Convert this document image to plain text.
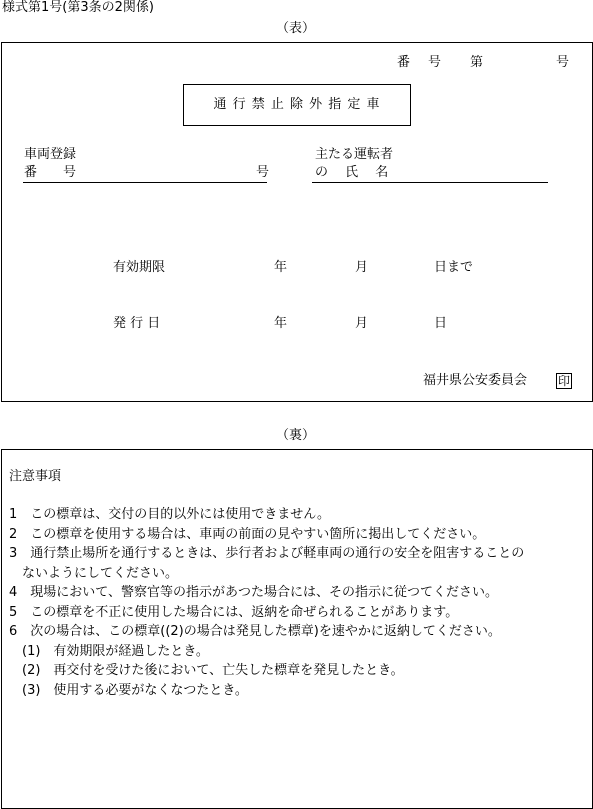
様式第1号(第3条の2関係)
（表）
番 号 第	号
通 行 禁 止 除 外 指 定 車
車両登録
番　　号	号
主たる運転者
の　 氏　 名
有効期限	年	月	日まで
発 行 日	年	月	日
福井県公安委員会	印
（裏）
注意事項
1　この標章は、交付の目的以外には使用できません。
2　この標章を使用する場合は、車両の前面の見やすい箇所に掲出してください。
3　通行禁止場所を通行するときは、歩行者および軽車両の通行の安全を阻害することの
　ないようにしてください。
4　現場において、警察官等の指示があつた場合には、その指示に従つてください。
5　この標章を不正に使用した場合には、返納を命ぜられることがあります。
6　次の場合は、この標章((2)の場合は発見した標章)を速やかに返納してください。
　(1)　有効期限が経過したとき。
　(2)　再交付を受けた後において、亡失した標章を発見したとき。
　(3)　使用する必要がなくなつたとき。
